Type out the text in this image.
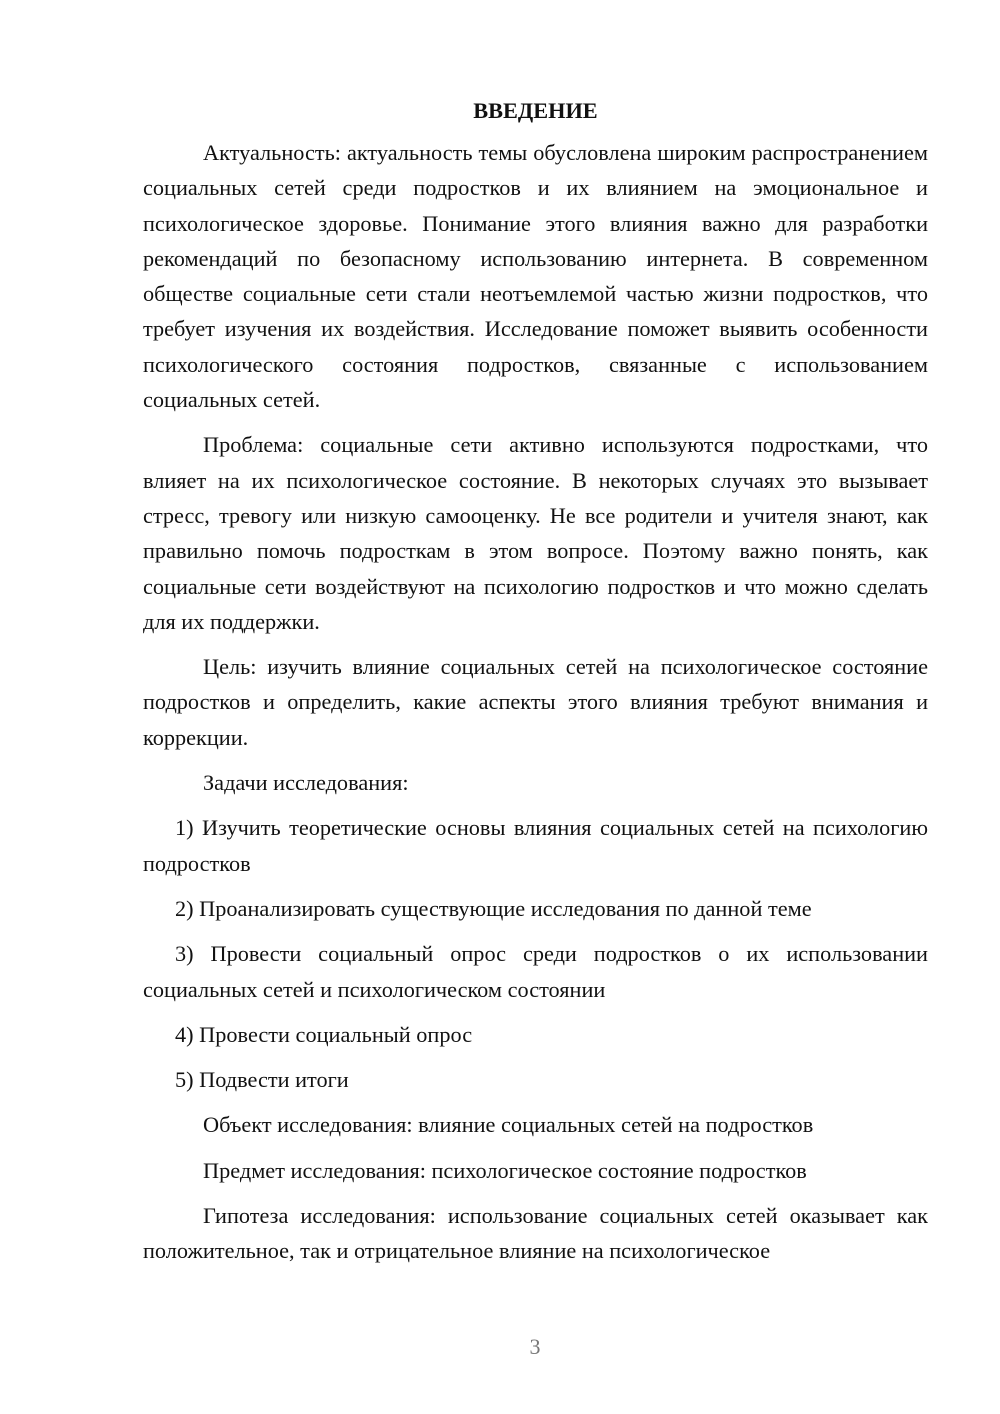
ВВЕДЕНИЕ

Актуальность: актуальность темы обусловлена широким распространением социальных сетей среди подростков и их влиянием на эмоциональное и психологическое здоровье. Понимание этого влияния важно для разработки рекомендаций по безопасному использованию интернета. В современном обществе социальные сети стали неотъемлемой частью жизни подростков, что требует изучения их воздействия. Исследование поможет выявить особенности психологического состояния подростков, связанные с использованием социальных сетей.

Проблема: социальные сети активно используются подростками, что влияет на их психологическое состояние. В некоторых случаях это вызывает стресс, тревогу или низкую самооценку. Не все родители и учителя знают, как правильно помочь подросткам в этом вопросе. Поэтому важно понять, как социальные сети воздействуют на психологию подростков и что можно сделать для их поддержки.

Цель: изучить влияние социальных сетей на психологическое состояние подростков и определить, какие аспекты этого влияния требуют внимания и коррекции.

Задачи исследования:

1) Изучить теоретические основы влияния социальных сетей на психологию подростков

2) Проанализировать существующие исследования по данной теме

3) Провести социальный опрос среди подростков о их использовании социальных сетей и психологическом состоянии

4) Провести социальный опрос

5) Подвести итоги

Объект исследования: влияние социальных сетей на подростков

Предмет исследования: психологическое состояние подростков

Гипотеза исследования: использование социальных сетей оказывает как положительное, так и отрицательное влияние на психологическое

3
